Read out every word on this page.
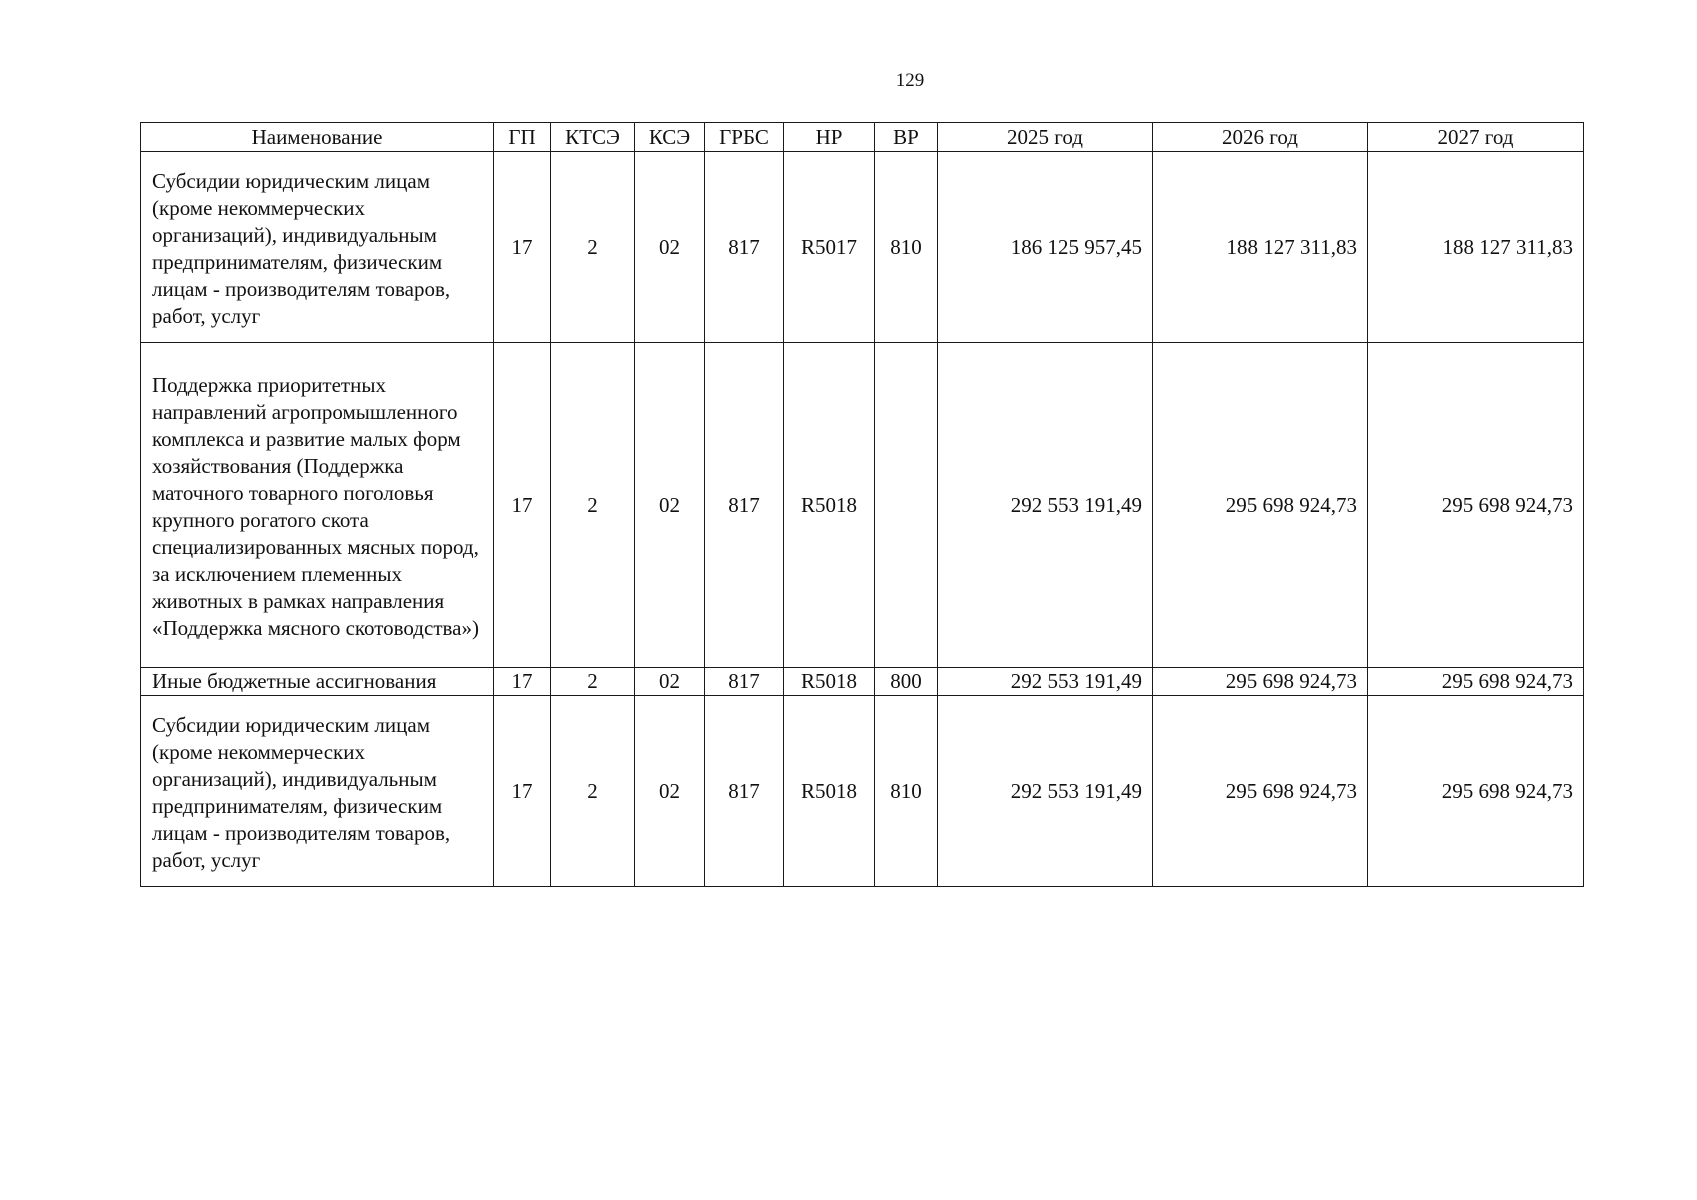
129
Наименование	ГП	КТСЭ	КСЭ	ГРБС	НР	ВР	2025 год	2026 год	2027 год
Субсидии юридическим лицам (кроме некоммерческих организаций), индивидуальным предпринимателям, физическим лицам - производителям товаров, работ, услуг	17	2	02	817	R5017	810	186 125 957,45	188 127 311,83	188 127 311,83
Поддержка приоритетных направлений агропромышленного комплекса и развитие малых форм хозяйствования (Поддержка маточного товарного поголовья крупного рогатого скота специализированных мясных пород, за исключением племенных животных в рамках направления «Поддержка мясного скотоводства»)	17	2	02	817	R5018		292 553 191,49	295 698 924,73	295 698 924,73
Иные бюджетные ассигнования	17	2	02	817	R5018	800	292 553 191,49	295 698 924,73	295 698 924,73
Субсидии юридическим лицам (кроме некоммерческих организаций), индивидуальным предпринимателям, физическим лицам - производителям товаров, работ, услуг	17	2	02	817	R5018	810	292 553 191,49	295 698 924,73	295 698 924,73
